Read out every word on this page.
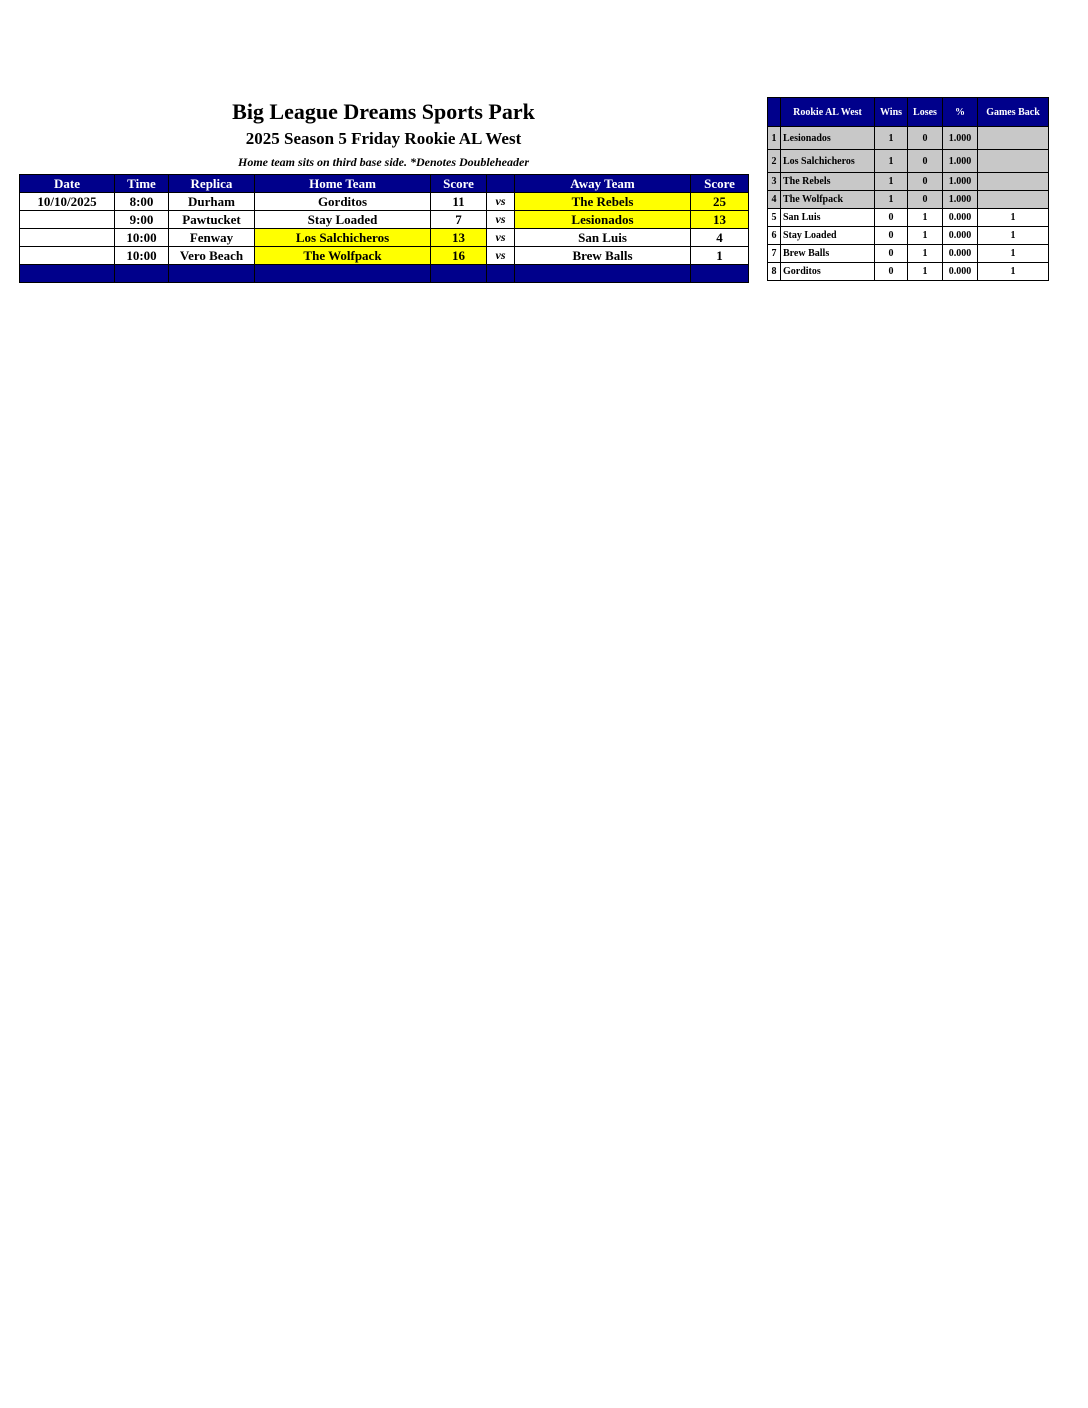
Big League Dreams Sports Park
2025 Season 5 Friday Rookie AL West
Home team sits on third base side. *Denotes Doubleheader
Date	Time	Replica	Home Team	Score		Away Team	Score
10/10/2025	8:00	Durham	Gorditos	11	vs	The Rebels	25
	9:00	Pawtucket	Stay Loaded	7	vs	Lesionados	13
	10:00	Fenway	Los Salchicheros	13	vs	San Luis	4
	10:00	Vero Beach	The Wolfpack	16	vs	Brew Balls	1

	Rookie AL West	Wins	Loses	%	Games Back
1	Lesionados	1	0	1.000	
2	Los Salchicheros	1	0	1.000	
3	The Rebels	1	0	1.000	
4	The Wolfpack	1	0	1.000	
5	San Luis	0	1	0.000	1
6	Stay Loaded	0	1	0.000	1
7	Brew Balls	0	1	0.000	1
8	Gorditos	0	1	0.000	1
